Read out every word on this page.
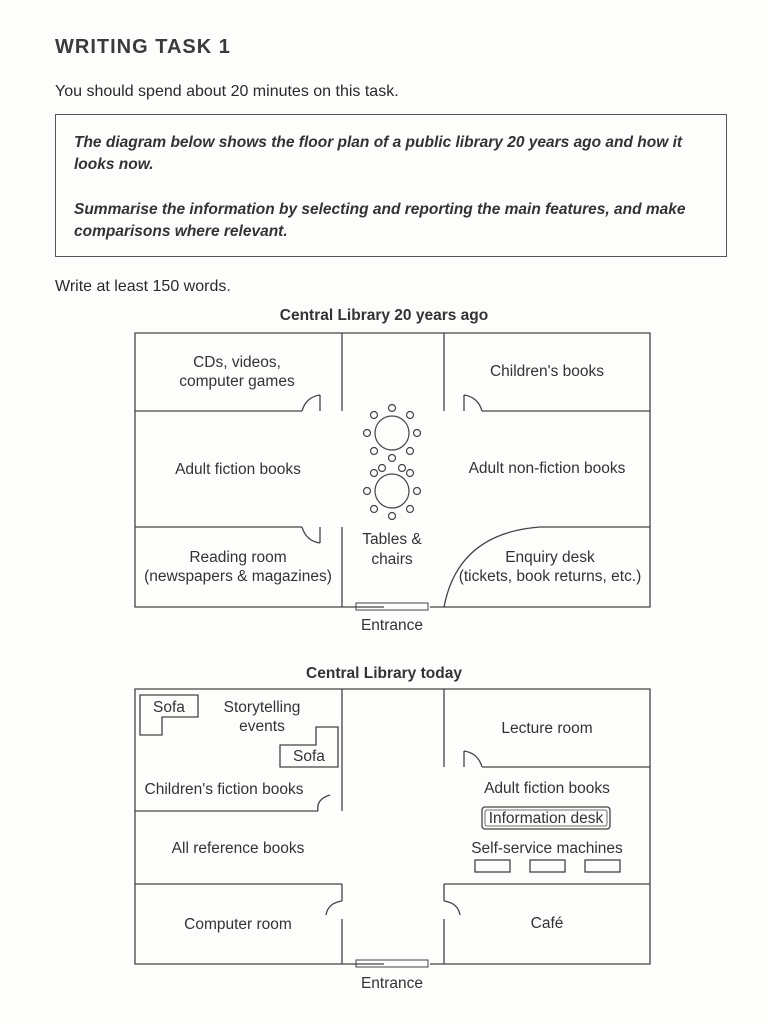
WRITING TASK 1
You should spend about 20 minutes on this task.

The diagram below shows the floor plan of a public library 20 years ago and how it looks now.

Summarise the information by selecting and reporting the main features, and make comparisons where relevant.

Write at least 150 words.
Central Library 20 years ago
CDs, videos,
computer games
Children's books
Adult fiction books	Adult non-fiction books
Tables &
chairs
Reading room
(newspapers & magazines)
Enquiry desk
(tickets, book returns, etc.)
Entrance
Central Library today
Sofa
Sofa
Storytelling
events
Children's fiction books
Lecture room
Adult fiction books
Information desk
Self-service machines
All reference books
Computer room	Café
Entrance
